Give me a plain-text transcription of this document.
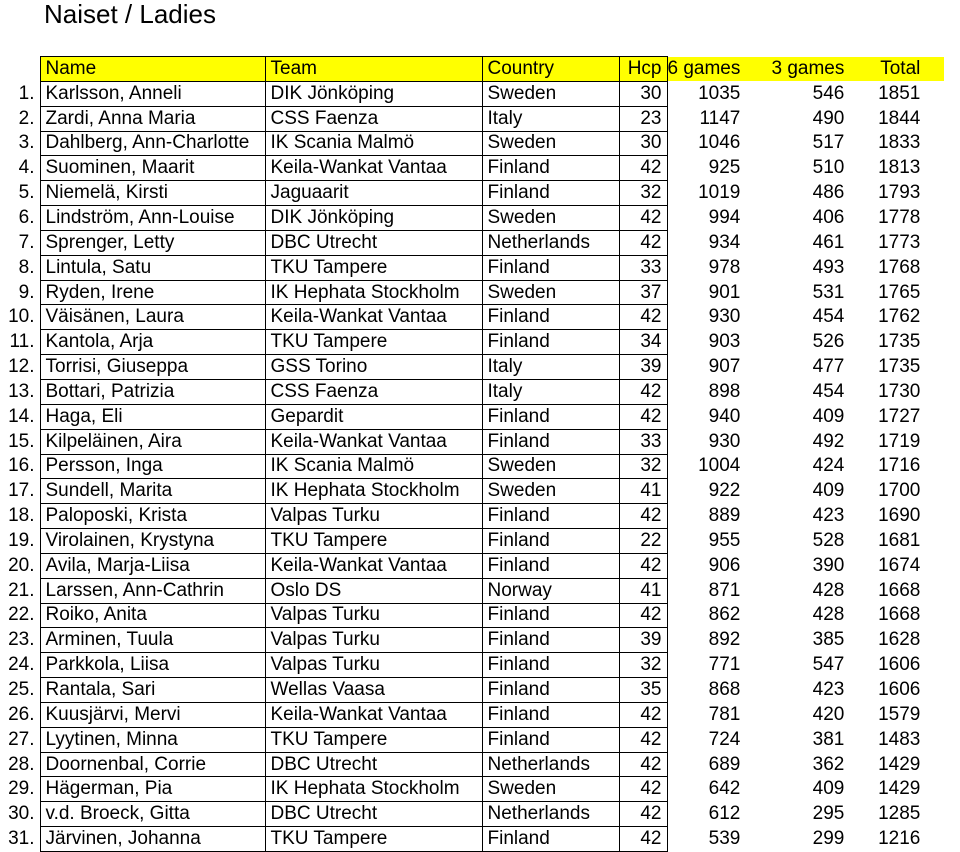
Naiset / Ladies
	Name	Team	Country	Hcp	6 games	3 games	Total
1.	Karlsson, Anneli	DIK Jönköping	Sweden	30	1035	546	1851
2.	Zardi, Anna Maria	CSS Faenza	Italy	23	1147	490	1844
3.	Dahlberg, Ann-Charlotte	IK Scania Malmö	Sweden	30	1046	517	1833
4.	Suominen, Maarit	Keila-Wankat Vantaa	Finland	42	925	510	1813
5.	Niemelä, Kirsti	Jaguaarit	Finland	32	1019	486	1793
6.	Lindström, Ann-Louise	DIK Jönköping	Sweden	42	994	406	1778
7.	Sprenger, Letty	DBC Utrecht	Netherlands	42	934	461	1773
8.	Lintula, Satu	TKU Tampere	Finland	33	978	493	1768
9.	Ryden, Irene	IK Hephata Stockholm	Sweden	37	901	531	1765
10.	Väisänen, Laura	Keila-Wankat Vantaa	Finland	42	930	454	1762
11.	Kantola, Arja	TKU Tampere	Finland	34	903	526	1735
12.	Torrisi, Giuseppa	GSS Torino	Italy	39	907	477	1735
13.	Bottari, Patrizia	CSS Faenza	Italy	42	898	454	1730
14.	Haga, Eli	Gepardit	Finland	42	940	409	1727
15.	Kilpeläinen, Aira	Keila-Wankat Vantaa	Finland	33	930	492	1719
16.	Persson, Inga	IK Scania Malmö	Sweden	32	1004	424	1716
17.	Sundell, Marita	IK Hephata Stockholm	Sweden	41	922	409	1700
18.	Paloposki, Krista	Valpas Turku	Finland	42	889	423	1690
19.	Virolainen, Krystyna	TKU Tampere	Finland	22	955	528	1681
20.	Avila, Marja-Liisa	Keila-Wankat Vantaa	Finland	42	906	390	1674
21.	Larssen, Ann-Cathrin	Oslo DS	Norway	41	871	428	1668
22.	Roiko, Anita	Valpas Turku	Finland	42	862	428	1668
23.	Arminen, Tuula	Valpas Turku	Finland	39	892	385	1628
24.	Parkkola, Liisa	Valpas Turku	Finland	32	771	547	1606
25.	Rantala, Sari	Wellas Vaasa	Finland	35	868	423	1606
26.	Kuusjärvi, Mervi	Keila-Wankat Vantaa	Finland	42	781	420	1579
27.	Lyytinen, Minna	TKU Tampere	Finland	42	724	381	1483
28.	Doornenbal, Corrie	DBC Utrecht	Netherlands	42	689	362	1429
29.	Hägerman, Pia	IK Hephata Stockholm	Sweden	42	642	409	1429
30.	v.d. Broeck, Gitta	DBC Utrecht	Netherlands	42	612	295	1285
31.	Järvinen, Johanna	TKU Tampere	Finland	42	539	299	1216
